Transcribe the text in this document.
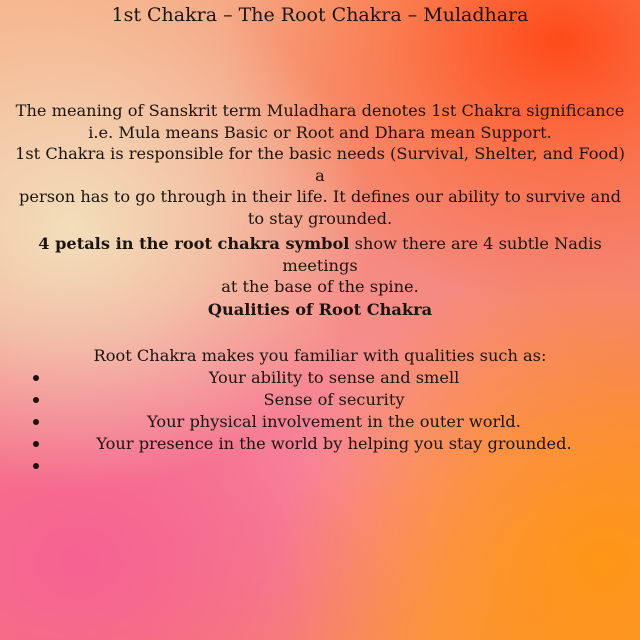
1st Chakra – The Root Chakra – Muladhara

The meaning of Sanskrit term Muladhara denotes 1st Chakra significance
i.e. Mula means Basic or Root and Dhara mean Support.
1st Chakra is responsible for the basic needs (Survival, Shelter, and Food) a
person has to go through in their life. It defines our ability to survive and
to stay grounded.

4 petals in the root chakra symbol show there are 4 subtle Nadis meetings
at the base of the spine.

Qualities of Root Chakra

Root Chakra makes you familiar with qualities such as:

Your ability to sense and smell
Sense of security
Your physical involvement in the outer world.
Your presence in the world by helping you stay grounded.
